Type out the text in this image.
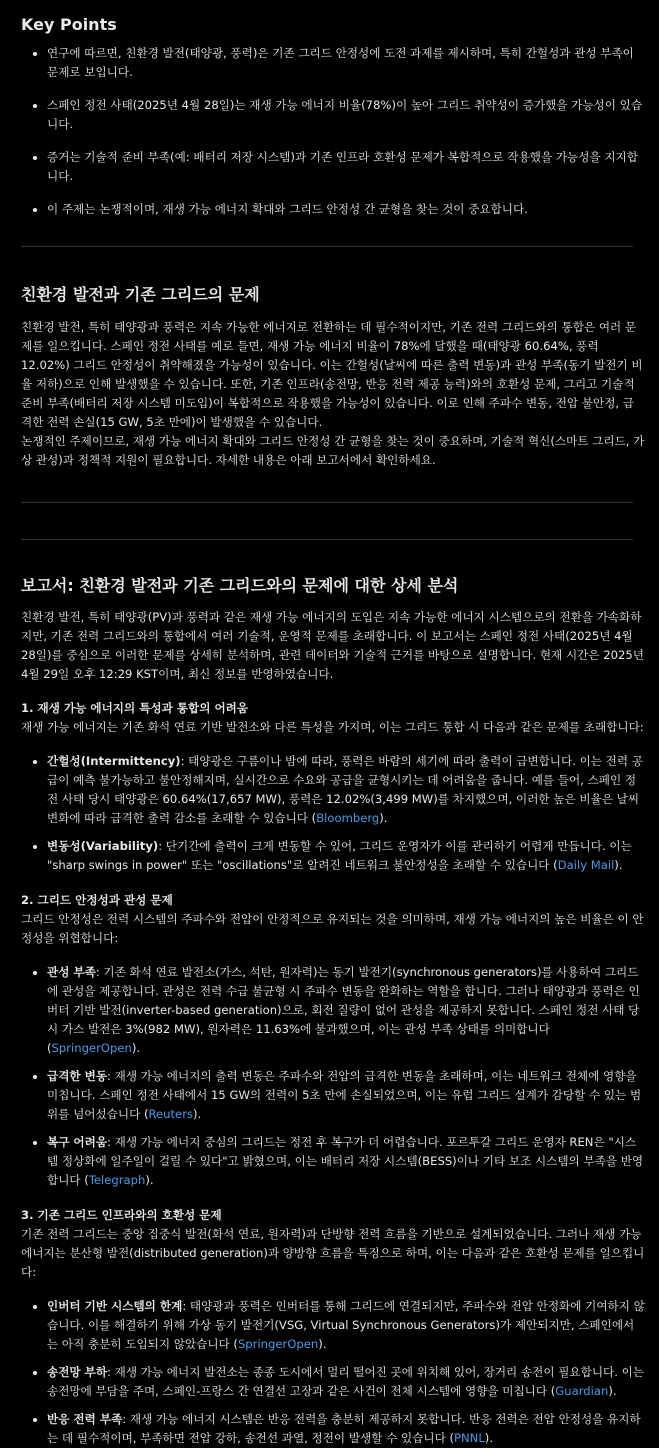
Key Points
연구에 따르면, 친환경 발전(태양광, 풍력)은 기존 그리드 안정성에 도전 과제를 제시하며, 특히 간헐성과 관성 부족이 문제로 보입니다.
스페인 정전 사태(2025년 4월 28일)는 재생 가능 에너지 비율(78%)이 높아 그리드 취약성이 증가했을 가능성이 있습니다.
증거는 기술적 준비 부족(예: 배터리 저장 시스템)과 기존 인프라 호환성 문제가 복합적으로 작용했을 가능성을 지지합니다.
이 주제는 논쟁적이며, 재생 가능 에너지 확대와 그리드 안정성 간 균형을 찾는 것이 중요합니다.
친환경 발전과 기존 그리드의 문제

친환경 발전, 특히 태양광과 풍력은 지속 가능한 에너지로 전환하는 데 필수적이지만, 기존 전력 그리드와의 통합은 여러 문제를 일으킵니다. 스페인 정전 사태를 예로 들면, 재생 가능 에너지 비율이 78%에 달했을 때(태양광 60.64%, 풍력 12.02%) 그리드 안정성이 취약해졌을 가능성이 있습니다. 이는 간헐성(날씨에 따른 출력 변동)과 관성 부족(동기 발전기 비율 저하)으로 인해 발생했을 수 있습니다. 또한, 기존 인프라(송전망, 반응 전력 제공 능력)와의 호환성 문제, 그리고 기술적 준비 부족(배터리 저장 시스템 미도입)이 복합적으로 작용했을 가능성이 있습니다. 이로 인해 주파수 변동, 전압 불안정, 급격한 전력 손실(15 GW, 5초 만에)이 발생했을 수 있습니다.

논쟁적인 주제이므로, 재생 가능 에너지 확대와 그리드 안정성 간 균형을 찾는 것이 중요하며, 기술적 혁신(스마트 그리드, 가상 관성)과 정책적 지원이 필요합니다. 자세한 내용은 아래 보고서에서 확인하세요.

보고서: 친환경 발전과 기존 그리드와의 문제에 대한 상세 분석

친환경 발전, 특히 태양광(PV)과 풍력과 같은 재생 가능 에너지의 도입은 지속 가능한 에너지 시스템으로의 전환을 가속화하지만, 기존 전력 그리드와의 통합에서 여러 기술적, 운영적 문제를 초래합니다. 이 보고서는 스페인 정전 사태(2025년 4월 28일)를 중심으로 이러한 문제를 상세히 분석하며, 관련 데이터와 기술적 근거를 바탕으로 설명합니다. 현재 시간은 2025년 4월 29일 오후 12:29 KST이며, 최신 정보를 반영하였습니다.

1. 재생 가능 에너지의 특성과 통합의 어려움

재생 가능 에너지는 기존 화석 연료 기반 발전소와 다른 특성을 가지며, 이는 그리드 통합 시 다음과 같은 문제를 초래합니다:

간헐성(Intermittency): 태양광은 구름이나 밤에 따라, 풍력은 바람의 세기에 따라 출력이 급변합니다. 이는 전력 공급이 예측 불가능하고 불안정해지며, 실시간으로 수요와 공급을 균형시키는 데 어려움을 줍니다. 예를 들어, 스페인 정전 사태 당시 태양광은 60.64%(17,657 MW), 풍력은 12.02%(3,499 MW)를 차지했으며, 이러한 높은 비율은 날씨 변화에 따라 급격한 출력 감소를 초래할 수 있습니다 (Bloomberg).
변동성(Variability): 단기간에 출력이 크게 변동할 수 있어, 그리드 운영자가 이를 관리하기 어렵게 만듭니다. 이는 "sharp swings in power" 또는 "oscillations"로 알려진 네트워크 불안정성을 초래할 수 있습니다 (Daily Mail).
2. 그리드 안정성과 관성 문제

그리드 안정성은 전력 시스템의 주파수와 전압이 안정적으로 유지되는 것을 의미하며, 재생 가능 에너지의 높은 비율은 이 안정성을 위협합니다:

관성 부족: 기존 화석 연료 발전소(가스, 석탄, 원자력)는 동기 발전기(synchronous generators)를 사용하여 그리드에 관성을 제공합니다. 관성은 전력 수급 불균형 시 주파수 변동을 완화하는 역할을 합니다. 그러나 태양광과 풍력은 인버터 기반 발전(inverter-based generation)으로, 회전 질량이 없어 관성을 제공하지 못합니다. 스페인 정전 사태 당시 가스 발전은 3%(982 MW), 원자력은 11.63%에 불과했으며, 이는 관성 부족 상태를 의미합니다 (SpringerOpen).
급격한 변동: 재생 가능 에너지의 출력 변동은 주파수와 전압의 급격한 변동을 초래하며, 이는 네트워크 전체에 영향을 미칩니다. 스페인 정전 사태에서 15 GW의 전력이 5초 만에 손실되었으며, 이는 유럽 그리드 설계가 감당할 수 있는 범위를 넘어섰습니다 (Reuters).
복구 어려움: 재생 가능 에너지 중심의 그리드는 정전 후 복구가 더 어렵습니다. 포르투갈 그리드 운영자 REN은 "시스템 정상화에 일주일이 걸릴 수 있다"고 밝혔으며, 이는 배터리 저장 시스템(BESS)이나 기타 보조 시스템의 부족을 반영합니다 (Telegraph).
3. 기존 그리드 인프라와의 호환성 문제

기존 전력 그리드는 중앙 집중식 발전(화석 연료, 원자력)과 단방향 전력 흐름을 기반으로 설계되었습니다. 그러나 재생 가능 에너지는 분산형 발전(distributed generation)과 양방향 흐름을 특징으로 하며, 이는 다음과 같은 호환성 문제를 일으킵니다:

인버터 기반 시스템의 한계: 태양광과 풍력은 인버터를 통해 그리드에 연결되지만, 주파수와 전압 안정화에 기여하지 않습니다. 이를 해결하기 위해 가상 동기 발전기(VSG, Virtual Synchronous Generators)가 제안되지만, 스페인에서는 아직 충분히 도입되지 않았습니다 (SpringerOpen).
송전망 부하: 재생 가능 에너지 발전소는 종종 도시에서 멀리 떨어진 곳에 위치해 있어, 장거리 송전이 필요합니다. 이는 송전망에 부담을 주며, 스페인-프랑스 간 연결선 고장과 같은 사건이 전체 시스템에 영향을 미칩니다 (Guardian).
반응 전력 부족: 재생 가능 에너지 시스템은 반응 전력을 충분히 제공하지 못합니다. 반응 전력은 전압 안정성을 유지하는 데 필수적이며, 부족하면 전압 강하, 송전선 과열, 정전이 발생할 수 있습니다 (PNNL).
